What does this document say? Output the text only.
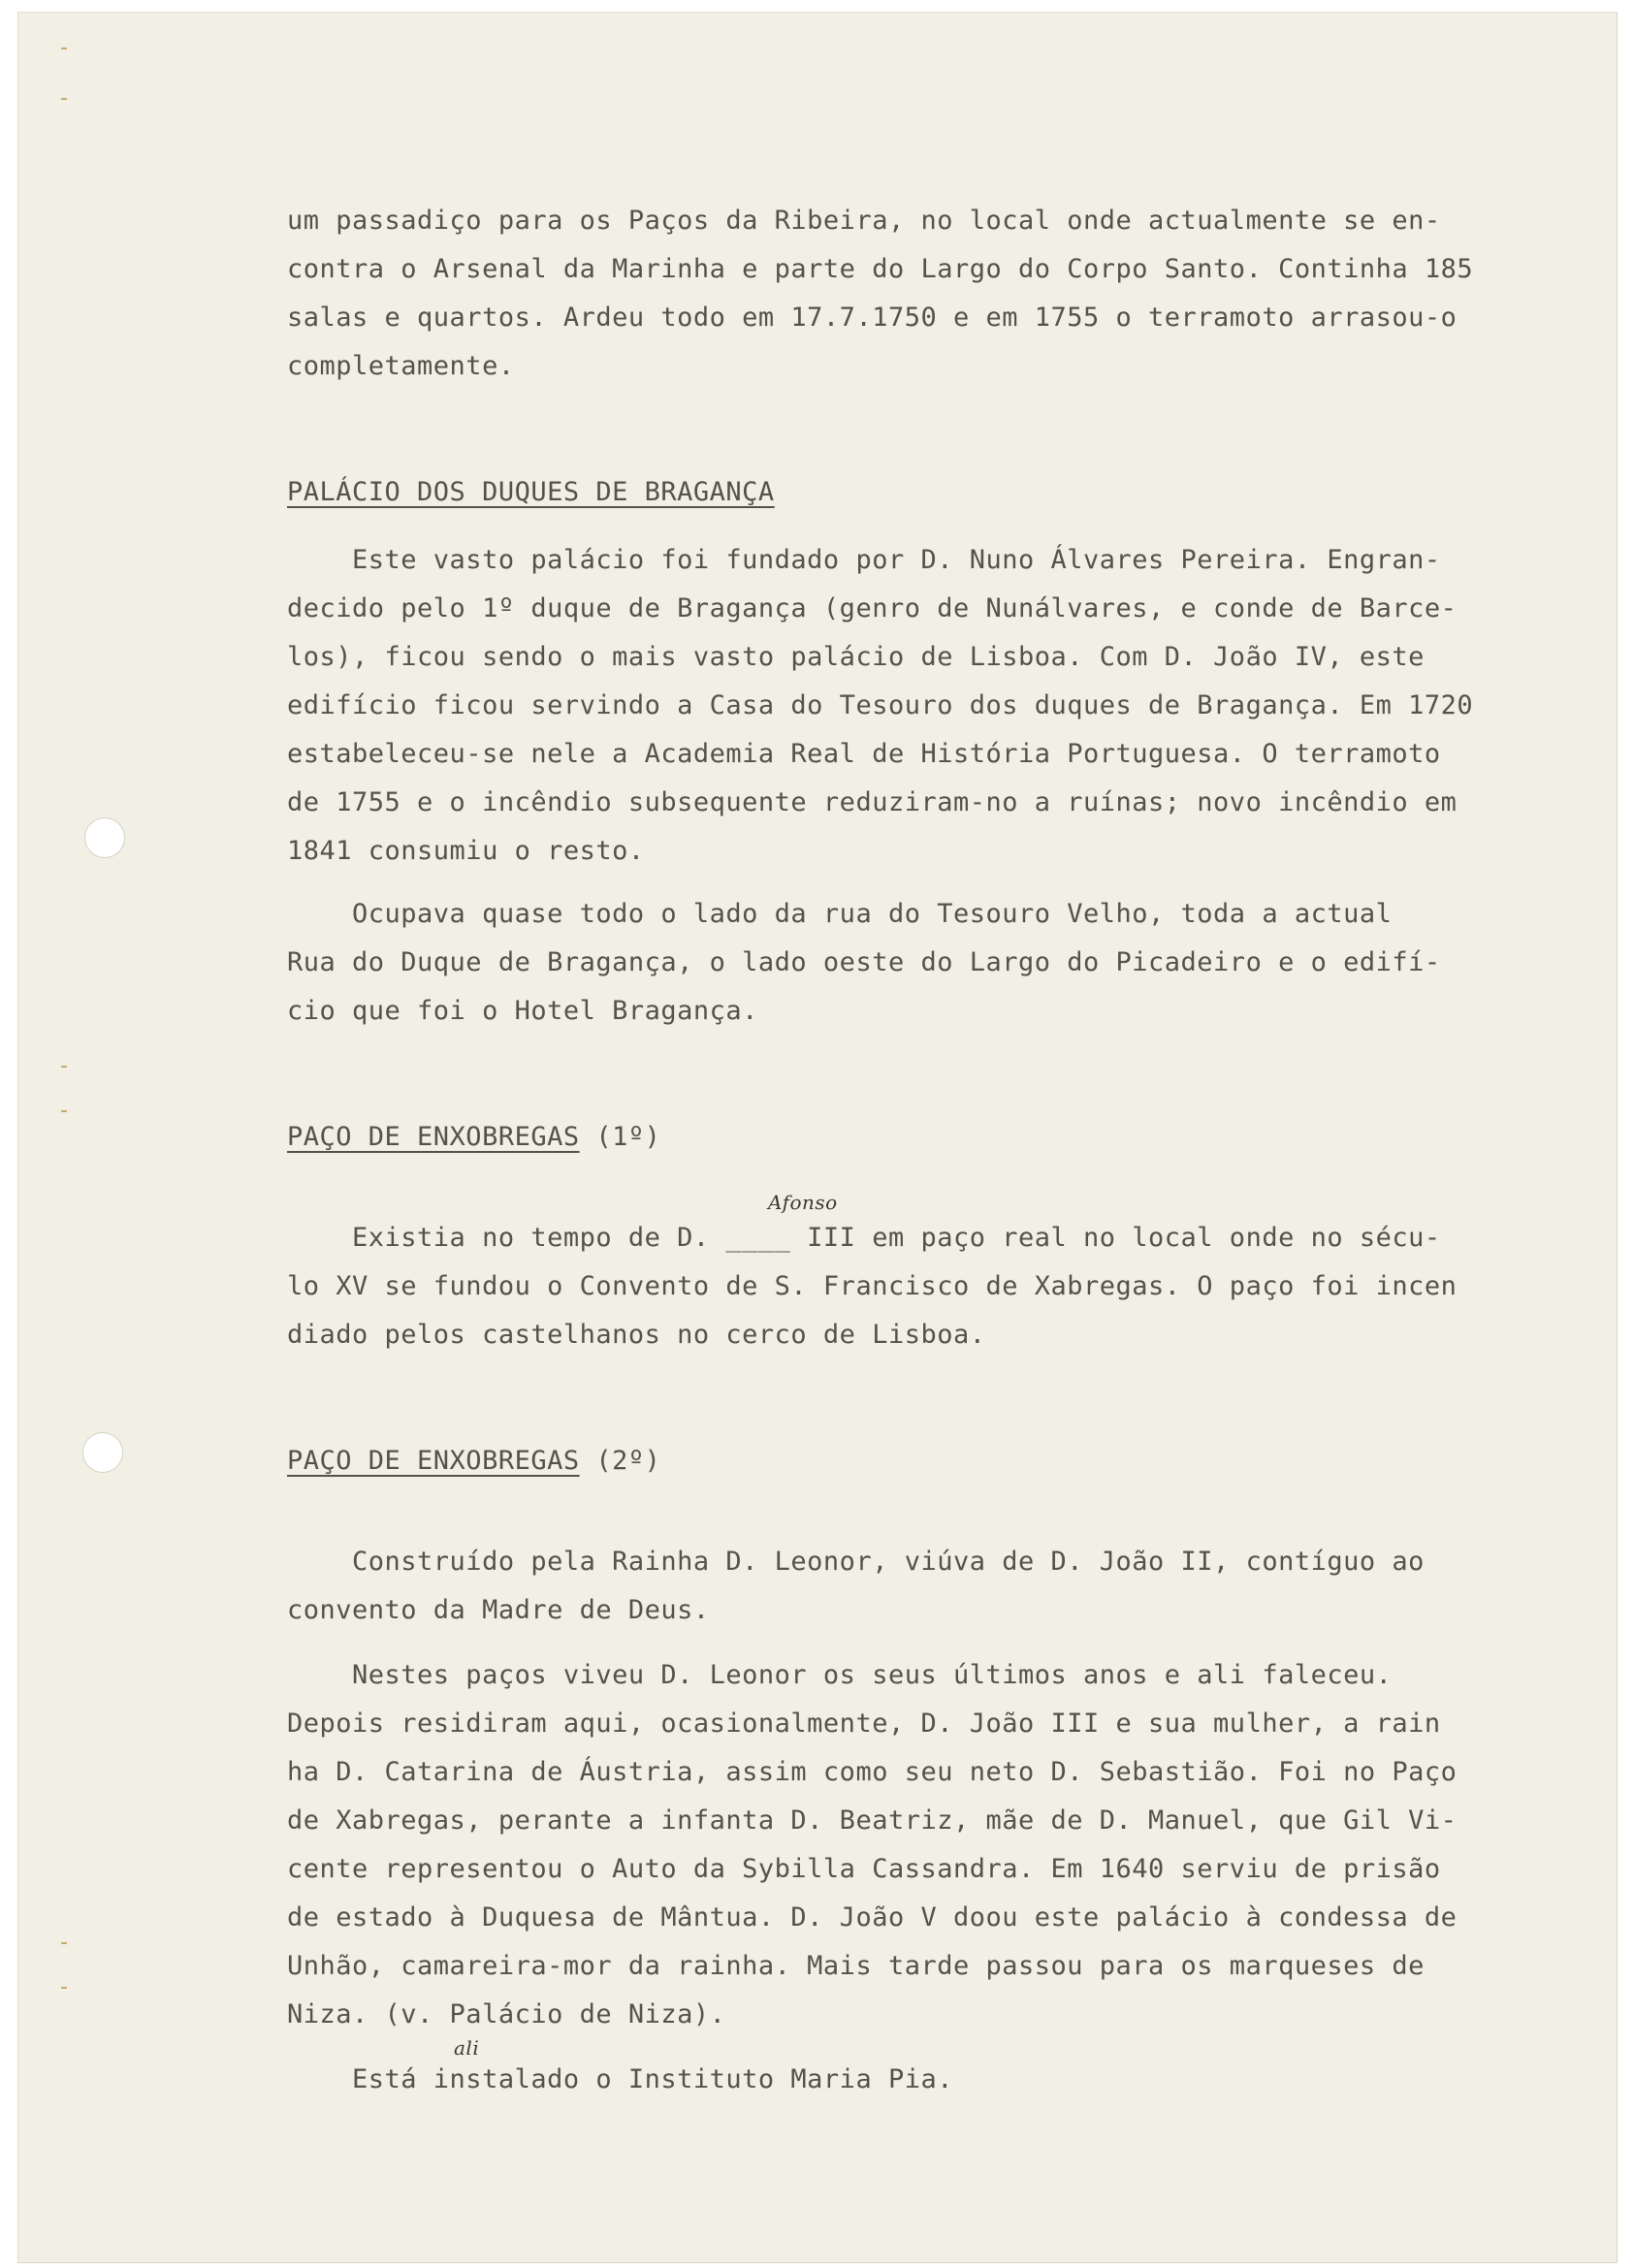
um passadiço para os Paços da Ribeira, no local onde actualmente se en-
contra o Arsenal da Marinha e parte do Largo do Corpo Santo. Continha 185
salas e quartos. Ardeu todo em 17.7.1750 e em 1755 o terramoto arrasou-o
completamente.
PALÁCIO DOS DUQUES DE BRAGANÇA
Este vasto palácio foi fundado por D. Nuno Álvares Pereira. Engran-
decido pelo 1º duque de Bragança (genro de Nunálvares, e conde de Barce-
los), ficou sendo o mais vasto palácio de Lisboa. Com D. João IV, este
edifício ficou servindo a Casa do Tesouro dos duques de Bragança. Em 1720
estabeleceu-se nele a Academia Real de História Portuguesa. O terramoto
de 1755 e o incêndio subsequente reduziram-no a ruínas; novo incêndio em
1841 consumiu o resto.
Ocupava quase todo o lado da rua do Tesouro Velho, toda a actual
Rua do Duque de Bragança, o lado oeste do Largo do Picadeiro e o edifí-
cio que foi o Hotel Bragança.
PAÇO DE ENXOBREGAS (1º)
Afonso
Existia no tempo de D. ____ III em paço real no local onde no sécu-
lo XV se fundou o Convento de S. Francisco de Xabregas. O paço foi incen
diado pelos castelhanos no cerco de Lisboa.
PAÇO DE ENXOBREGAS (2º)
Construído pela Rainha D. Leonor, viúva de D. João II, contíguo ao
convento da Madre de Deus.
Nestes paços viveu D. Leonor os seus últimos anos e ali faleceu.
Depois residiram aqui, ocasionalmente, D. João III e sua mulher, a rain
ha D. Catarina de Áustria, assim como seu neto D. Sebastião. Foi no Paço
de Xabregas, perante a infanta D. Beatriz, mãe de D. Manuel, que Gil Vi-
cente representou o Auto da Sybilla Cassandra. Em 1640 serviu de prisão
de estado à Duquesa de Mântua. D. João V doou este palácio à condessa de
Unhão, camareira-mor da rainha. Mais tarde passou para os marqueses de
Niza. (v. Palácio de Niza).
ali
Está instalado o Instituto Maria Pia.
